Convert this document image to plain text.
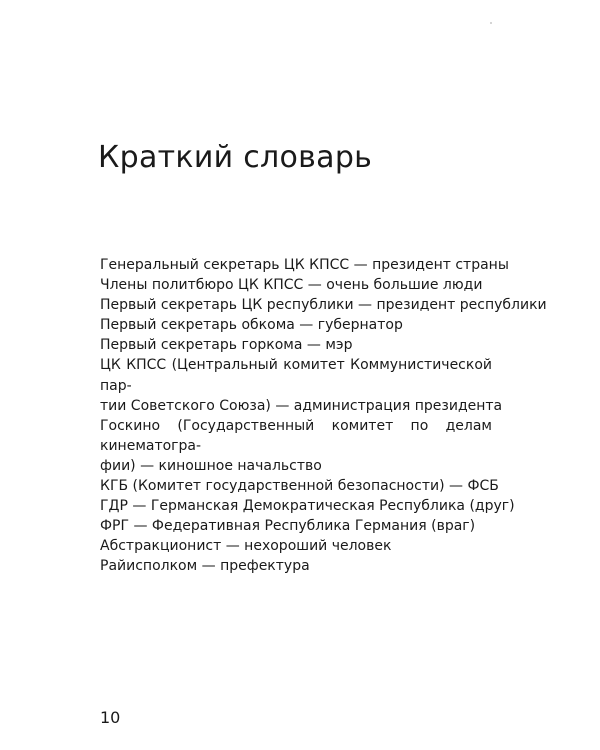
Краткий словарь
Генеральный секретарь ЦК КПСС — президент страны
Члены политбюро ЦК КПСС — очень большие люди
Первый секретарь ЦК республики — президент республики
Первый секретарь обкома — губернатор
Первый секретарь горкома — мэр
ЦК КПСС (Центральный комитет Коммунистической пар-
тии Советского Союза) — администрация президента
Госкино (Государственный комитет по делам кинематогра-
фии) — киношное начальство
КГБ (Комитет государственной безопасности) — ФСБ
ГДР — Германская Демократическая Республика (друг)
ФРГ — Федеративная Республика Германия (враг)
Абстракционист — нехороший человек
Райисполком — префектура
10
